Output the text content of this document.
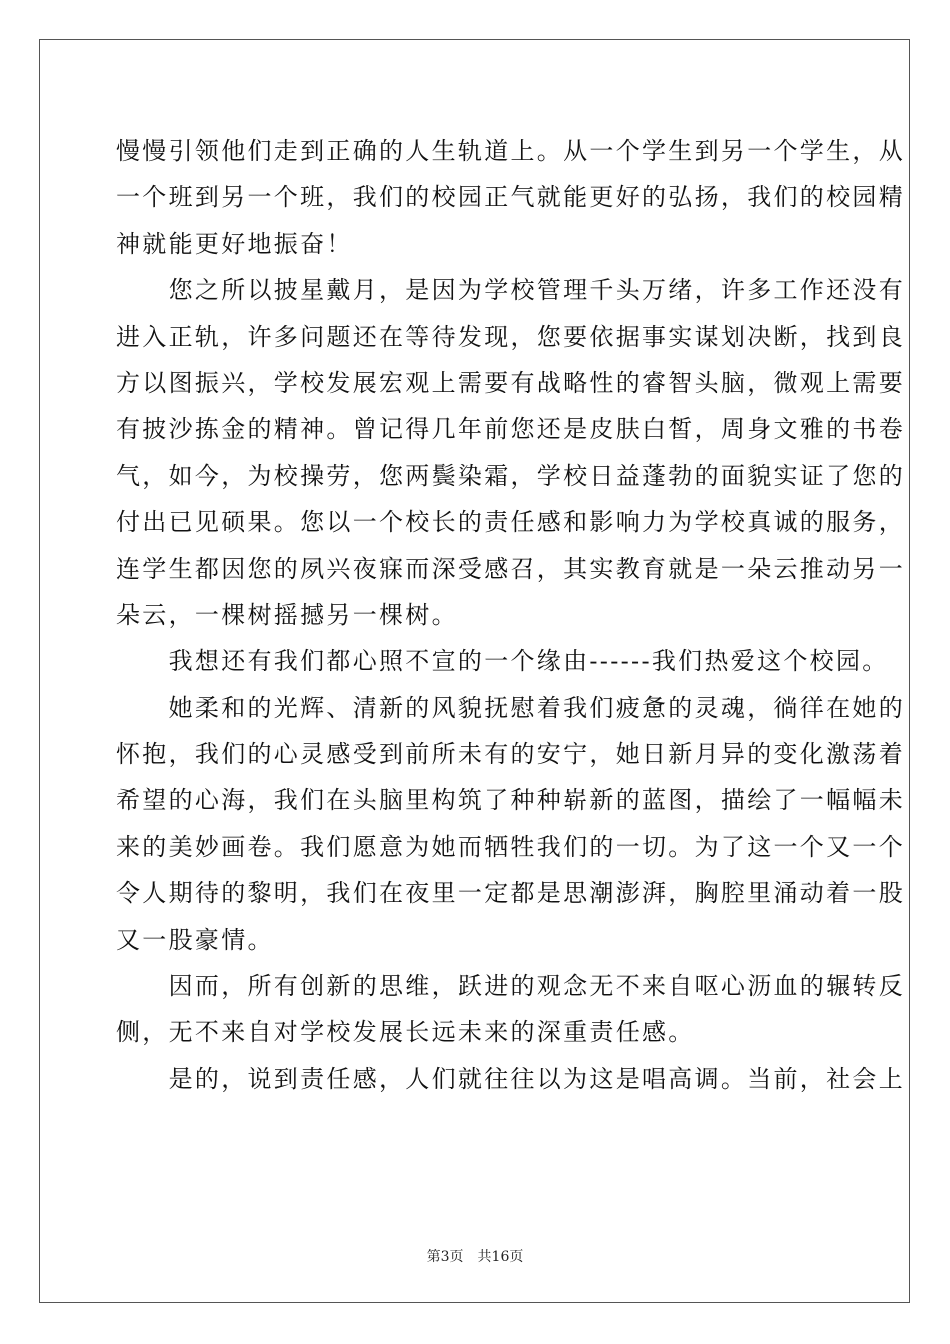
慢慢引领他们走到正确的人生轨道上。从一个学生到另一个学生，从
一个班到另一个班，我们的校园正气就能更好的弘扬，我们的校园精
神就能更好地振奋！
　　您之所以披星戴月，是因为学校管理千头万绪，许多工作还没有
进入正轨，许多问题还在等待发现，您要依据事实谋划决断，找到良
方以图振兴，学校发展宏观上需要有战略性的睿智头脑，微观上需要
有披沙拣金的精神。曾记得几年前您还是皮肤白皙，周身文雅的书卷
气，如今，为校操劳，您两鬓染霜，学校日益蓬勃的面貌实证了您的
付出已见硕果。您以一个校长的责任感和影响力为学校真诚的服务，
连学生都因您的夙兴夜寐而深受感召，其实教育就是一朵云推动另一
朵云，一棵树摇撼另一棵树。
　　我想还有我们都心照不宣的一个缘由------我们热爱这个校园。
　　她柔和的光辉、清新的风貌抚慰着我们疲惫的灵魂，徜徉在她的
怀抱，我们的心灵感受到前所未有的安宁，她日新月异的变化激荡着
希望的心海，我们在头脑里构筑了种种崭新的蓝图，描绘了一幅幅未
来的美妙画卷。我们愿意为她而牺牲我们的一切。为了这一个又一个
令人期待的黎明，我们在夜里一定都是思潮澎湃，胸腔里涌动着一股
又一股豪情。
　　因而，所有创新的思维，跃进的观念无不来自呕心沥血的辗转反
侧，无不来自对学校发展长远未来的深重责任感。
　　是的，说到责任感，人们就往往以为这是唱高调。当前，社会上
第3页 共16页
